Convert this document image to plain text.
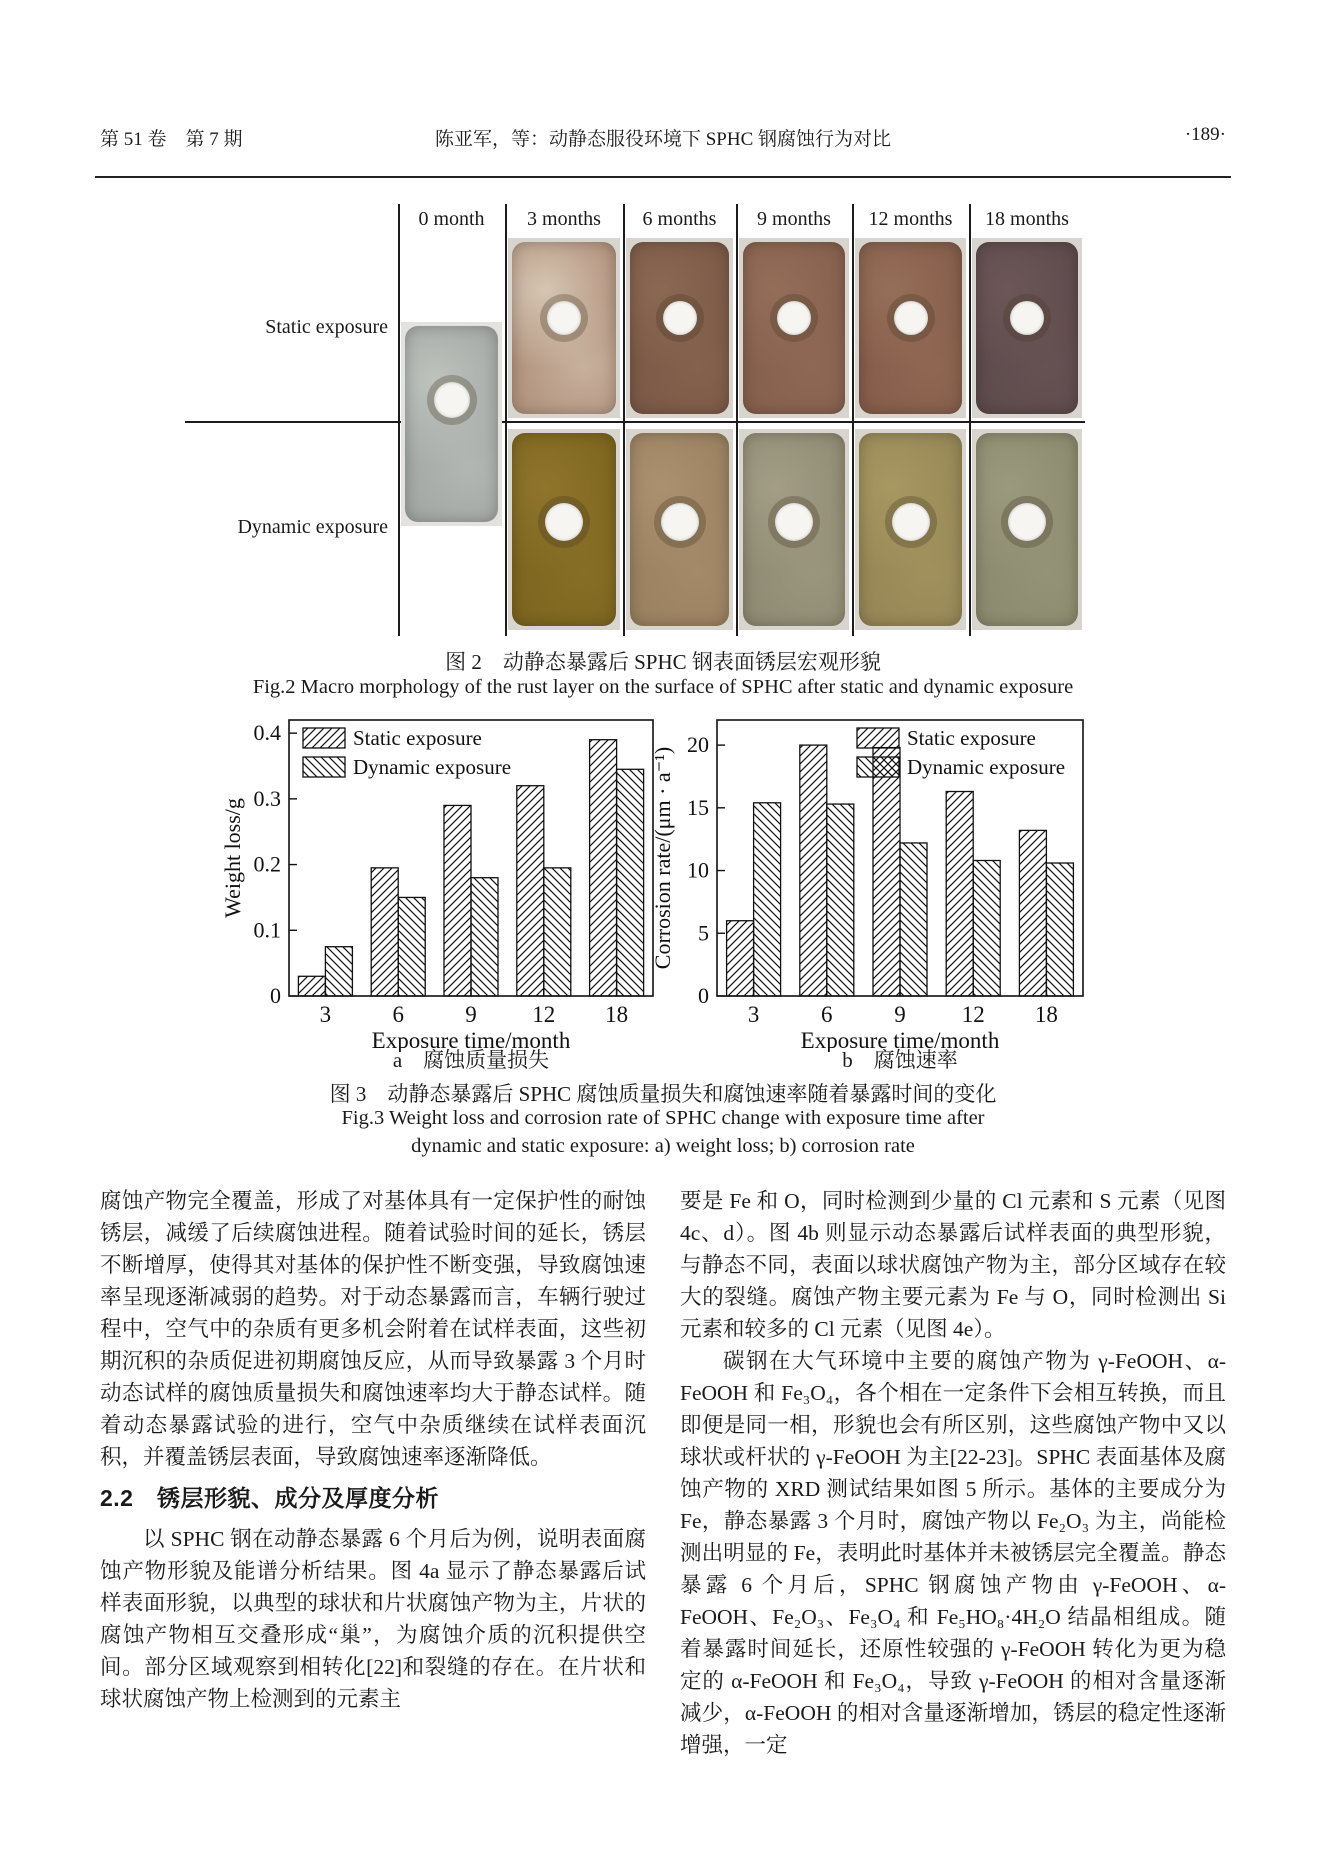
第 51 卷　第 7 期	陈亚军，等：动静态服役环境下 SPHC 钢腐蚀行为对比	·189·
0 month	3 months	6 months	9 months	12 months	18 months
Static exposure
Dynamic exposure
图 2　动静态暴露后 SPHC 钢表面锈层宏观形貌
Fig.2 Macro morphology of the rust layer on the surface of SPHC after static and dynamic exposure
0
0.1
0.2
0.3
0.4
3	6	9 12 18
Exposure time/month
Weight loss/g
Static exposure
Dynamic exposure
0
5
10
15
20
3	6	9 12 18
Exposure time/month
Corrosion rate/(μm · a⁻¹)
Static exposure
Dynamic exposure
a　腐蚀质量损失	b　腐蚀速率
图 3　动静态暴露后 SPHC 腐蚀质量损失和腐蚀速率随着暴露时间的变化
Fig.3 Weight loss and corrosion rate of SPHC change with exposure time after
dynamic and static exposure: a) weight loss; b) corrosion rate

腐蚀产物完全覆盖，形成了对基体具有一定保护性的耐蚀锈层，减缓了后续腐蚀进程。随着试验时间的延长，锈层不断增厚，使得其对基体的保护性不断变强，导致腐蚀速率呈现逐渐减弱的趋势。对于动态暴露而言，车辆行驶过程中，空气中的杂质有更多机会附着在试样表面，这些初期沉积的杂质促进初期腐蚀反应，从而导致暴露 3 个月时动态试样的腐蚀质量损失和腐蚀速率均大于静态试样。随着动态暴露试验的进行，空气中杂质继续在试样表面沉积，并覆盖锈层表面，导致腐蚀速率逐渐降低。

2.2　锈层形貌、成分及厚度分析

以 SPHC 钢在动静态暴露 6 个月后为例，说明表面腐蚀产物形貌及能谱分析结果。图 4a 显示了静态暴露后试样表面形貌，以典型的球状和片状腐蚀产物为主，片状的腐蚀产物相互交叠形成“巢”，为腐蚀介质的沉积提供空间。部分区域观察到相转化[22]和裂缝的存在。在片状和球状腐蚀产物上检测到的元素主

要是 Fe 和 O，同时检测到少量的 Cl 元素和 S 元素（见图 4c、d）。图 4b 则显示动态暴露后试样表面的典型形貌，与静态不同，表面以球状腐蚀产物为主，部分区域存在较大的裂缝。腐蚀产物主要元素为 Fe 与 O，同时检测出 Si 元素和较多的 Cl 元素（见图 4e）。

碳钢在大气环境中主要的腐蚀产物为 γ-FeOOH、α-FeOOH 和 Fe₃O₄，各个相在一定条件下会相互转换，而且即便是同一相，形貌也会有所区别，这些腐蚀产物中又以球状或杆状的 γ-FeOOH 为主[22-23]。SPHC 表面基体及腐蚀产物的 XRD 测试结果如图 5 所示。基体的主要成分为 Fe，静态暴露 3 个月时，腐蚀产物以 Fe₂O₃ 为主，尚能检测出明显的 Fe，表明此时基体并未被锈层完全覆盖。静态暴露 6 个月后，SPHC 钢腐蚀产物由 γ-FeOOH、α-FeOOH、Fe₂O₃、Fe₃O₄ 和 Fe₅HO₈·4H₂O 结晶相组成。随着暴露时间延长，还原性较强的 γ-FeOOH 转化为更为稳定的 α-FeOOH 和 Fe₃O₄，导致 γ-FeOOH 的相对含量逐渐减少，α-FeOOH 的相对含量逐渐增加，锈层的稳定性逐渐增强，一定
